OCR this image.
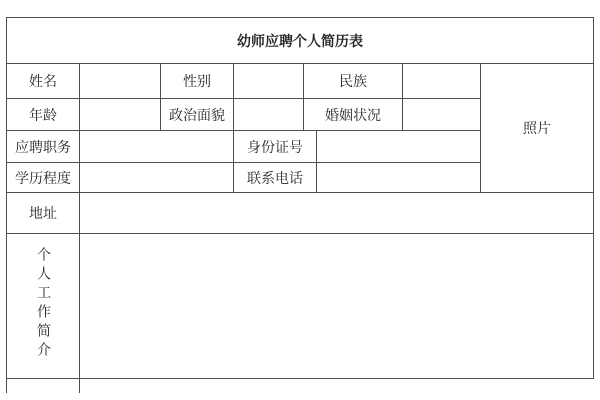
幼师应聘个人简历表							
姓名		性别		民族			照片
年龄		政治面貌		婚姻状况			
应聘职务			身份证号				
学历程度			联系电话				
地址							
个人工作简介							
